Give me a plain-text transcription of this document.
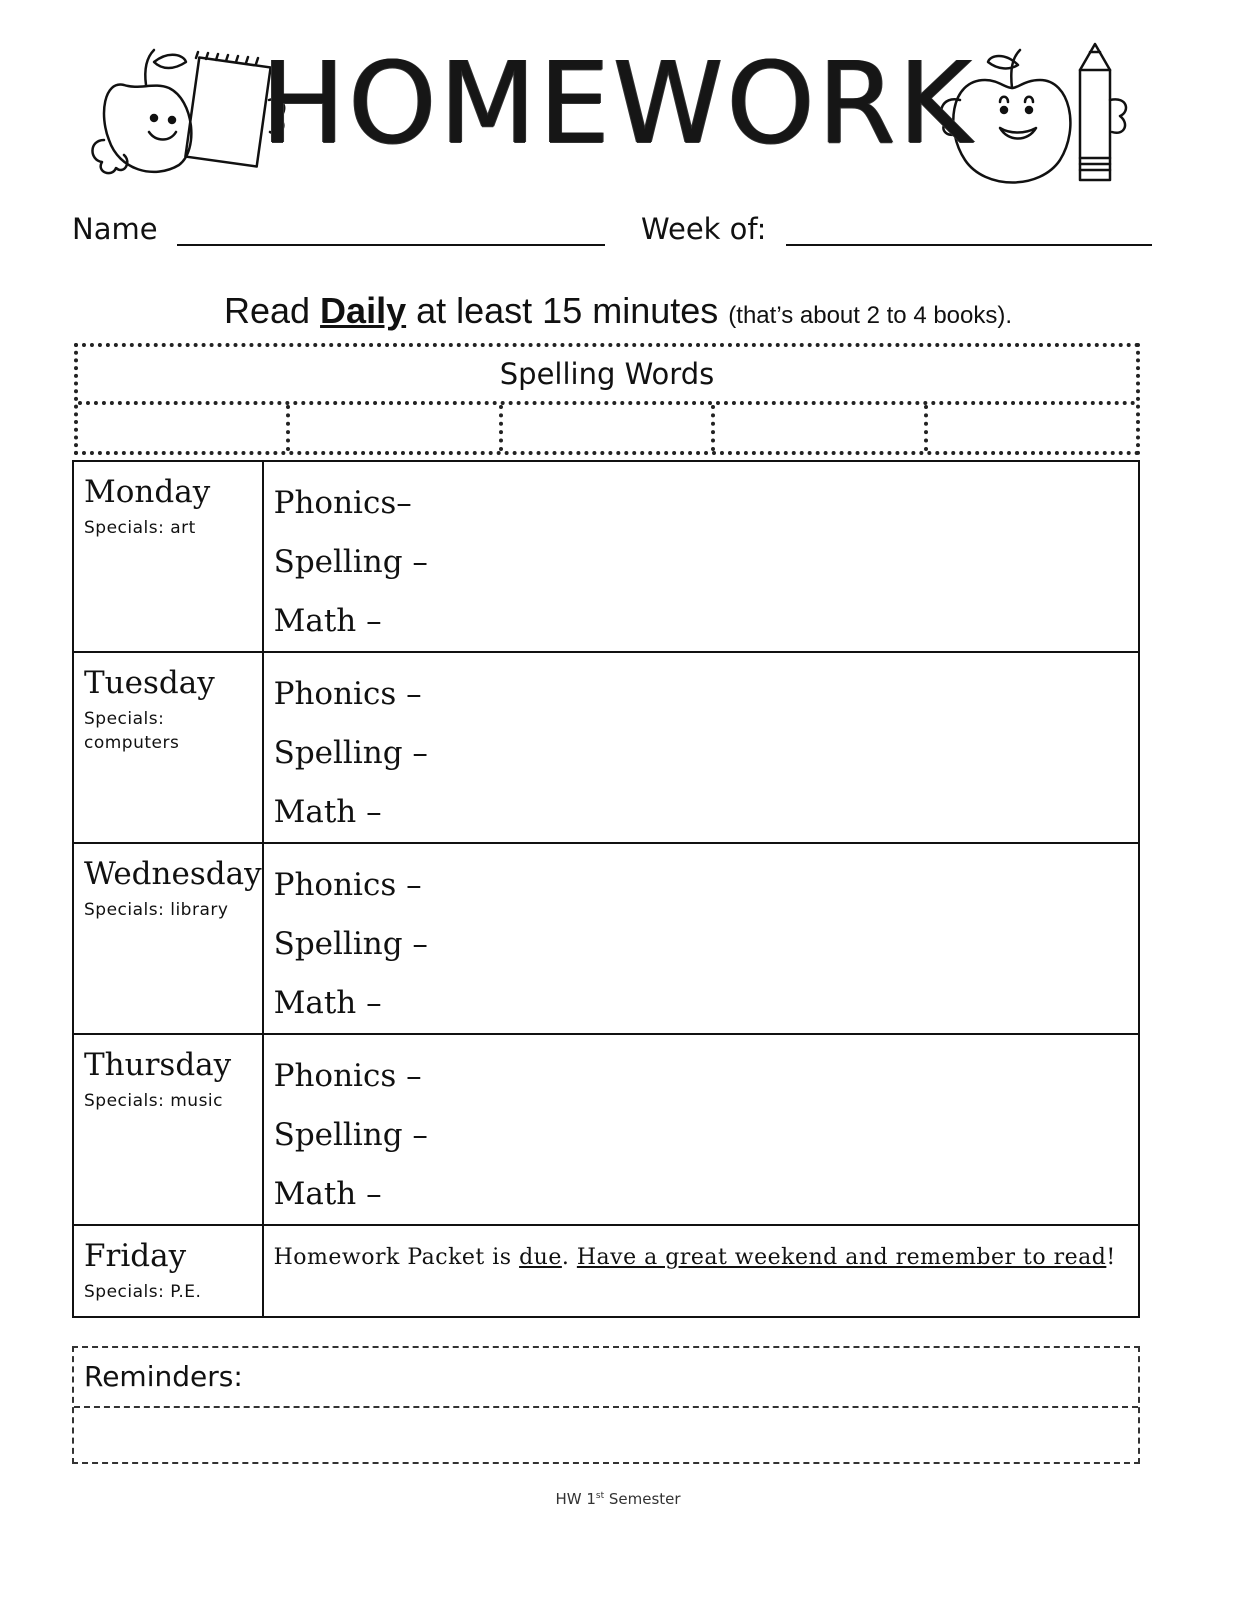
HOMEWORK
Name	Week of:
Read Daily at least 15 minutes (that’s about 2 to 4 books).
Spelling Words
Monday
Specials: art	Phonics–
Spelling –
Math –

Tuesday
Specials:
computers	Phonics –
Spelling –
Math –

Wednesday
Specials: library	Phonics –
Spelling –
Math –

Thursday
Specials: music	Phonics –
Spelling –
Math –

Friday
Specials: P.E.	Homework Packet is due. Have a great weekend and remember to read!
Reminders:
HW 1st Semester
